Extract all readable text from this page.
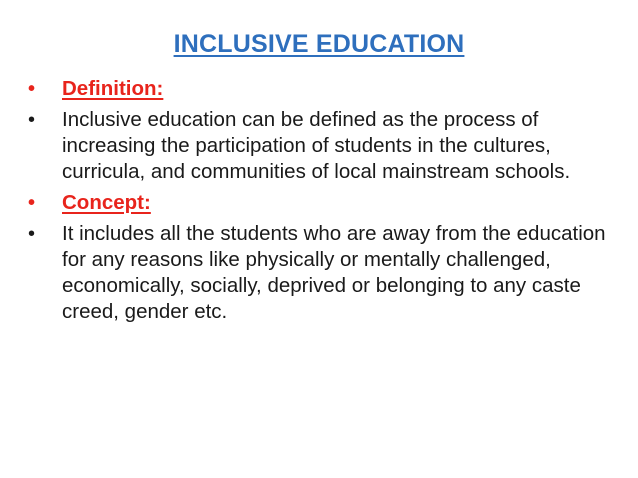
INCLUSIVE EDUCATION
• Definition:
• Inclusive education can be defined as the process of increasing the participation of students in the cultures, curricula, and communities of local mainstream schools.
• Concept:
• It includes all the students who are away from the education for any reasons like physically or mentally challenged, economically, socially, deprived or belonging to any caste creed, gender etc.
